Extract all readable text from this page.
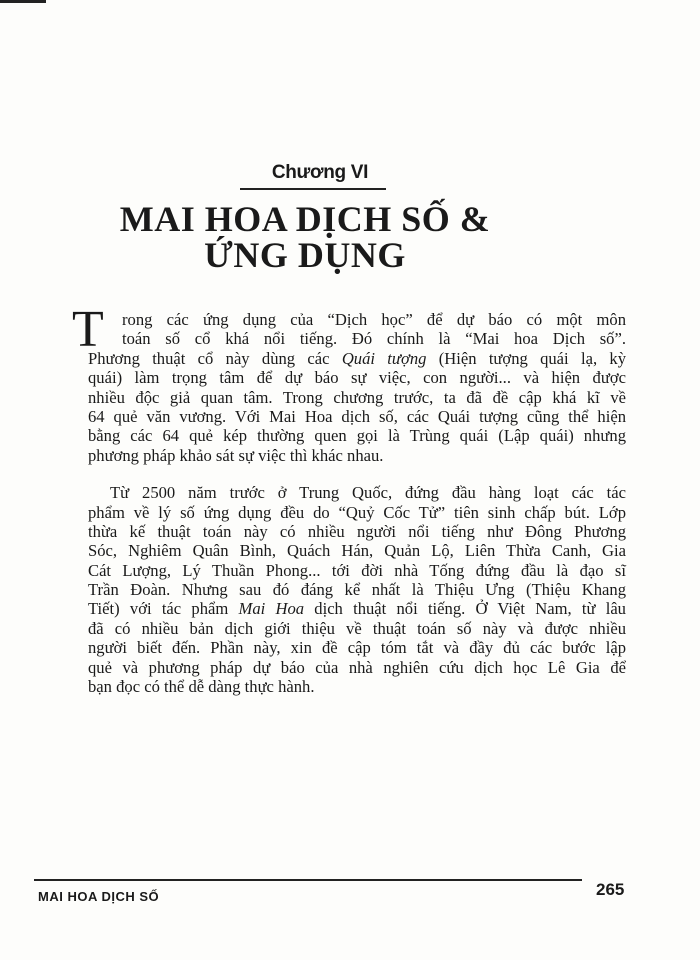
Chương VI
MAI HOA DỊCH SỐ &
ỨNG DỤNG
T	rong các ứng dụng của “Dịch học” để dự báo có một môn
toán số cổ khá nổi tiếng. Đó chính là “Mai hoa Dịch số”.
Phương thuật cổ này dùng các Quái tượng (Hiện tượng quái lạ, kỳ
quái) làm trọng tâm để dự báo sự việc, con người... và hiện được
nhiều độc giả quan tâm. Trong chương trước, ta đã đề cập khá kĩ về
64 quẻ văn vương. Với Mai Hoa dịch số, các Quái tượng cũng thể hiện
bằng các 64 quẻ kép thường quen gọi là Trùng quái (Lập quái) nhưng
phương pháp khảo sát sự việc thì khác nhau.
Từ 2500 năm trước ở Trung Quốc, đứng đầu hàng loạt các tác
phẩm về lý số ứng dụng đều do “Quỷ Cốc Tử” tiên sinh chấp bút. Lớp
thừa kế thuật toán này có nhiều người nổi tiếng như Đông Phương
Sóc, Nghiêm Quân Bình, Quách Hán, Quản Lộ, Liên Thừa Canh, Gia
Cát Lượng, Lý Thuần Phong... tới đời nhà Tống đứng đầu là đạo sĩ
Trần Đoàn. Nhưng sau đó đáng kể nhất là Thiệu Ưng (Thiệu Khang
Tiết) với tác phẩm Mai Hoa dịch thuật nổi tiếng. Ở Việt Nam, từ lâu
đã có nhiều bản dịch giới thiệu về thuật toán số này và được nhiều
người biết đến. Phần này, xin đề cập tóm tắt và đầy đủ các bước lập
quẻ và phương pháp dự báo của nhà nghiên cứu dịch học Lê Gia để
bạn đọc có thể dễ dàng thực hành.
MAI HOA DỊCH SỐ	265
